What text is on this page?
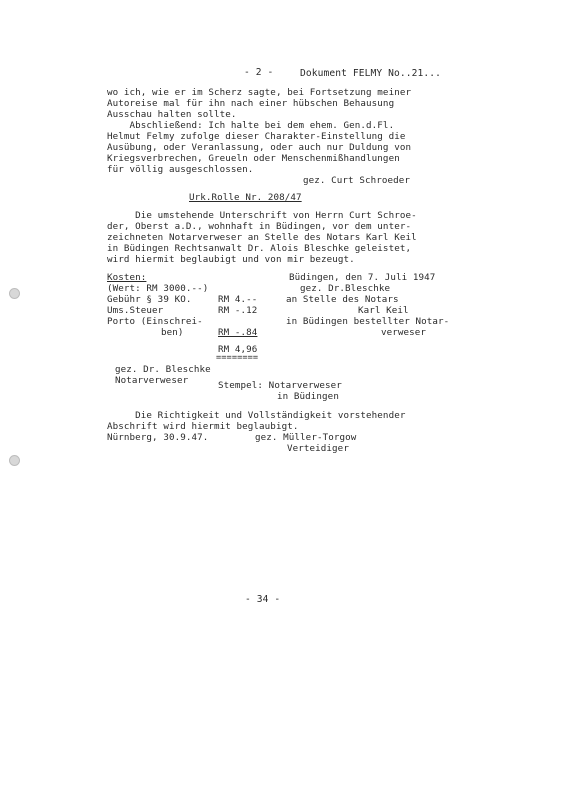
- 2 -	Dokument FELMY No..21...
wo ich, wie er im Scherz sagte, bei Fortsetzung meiner
Autoreise mal für ihn nach einer hübschen Behausung
Ausschau halten sollte.
Abschließend: Ich halte bei dem ehem. Gen.d.Fl.
Helmut Felmy zufolge dieser Charakter-Einstellung die
Ausübung, oder Veranlassung, oder auch nur Duldung von
Kriegsverbrechen, Greueln oder Menschenmißhandlungen
für völlig ausgeschlossen.
gez. Curt Schroeder
Urk.Rolle Nr. 208/47
Die umstehende Unterschrift von Herrn Curt Schroe-
der, Oberst a.D., wohnhaft in Büdingen, vor dem unter-
zeichneten Notarverweser an Stelle des Notars Karl Keil
in Büdingen Rechtsanwalt Dr. Alois Bleschke geleistet,
wird hiermit beglaubigt und von mir bezeugt.
Kosten:
(Wert: RM 3000.--)
Gebühr § 39 KO.	RM 4.--
Ums.Steuer	RM -.12
Porto (Einschrei-
ben)	RM -.84
RM 4,96
========
gez. Dr. Bleschke
Notarverweser
Büdingen, den 7. Juli 1947
gez. Dr.Bleschke
an Stelle des Notars
Karl Keil
in Büdingen bestellter Notar-
verweser
Stempel: Notarverweser
in Büdingen
Die Richtigkeit und Vollständigkeit vorstehender
Abschrift wird hiermit beglaubigt.
Nürnberg, 30.9.47.	gez. Müller-Torgow
Verteidiger
- 34 -
